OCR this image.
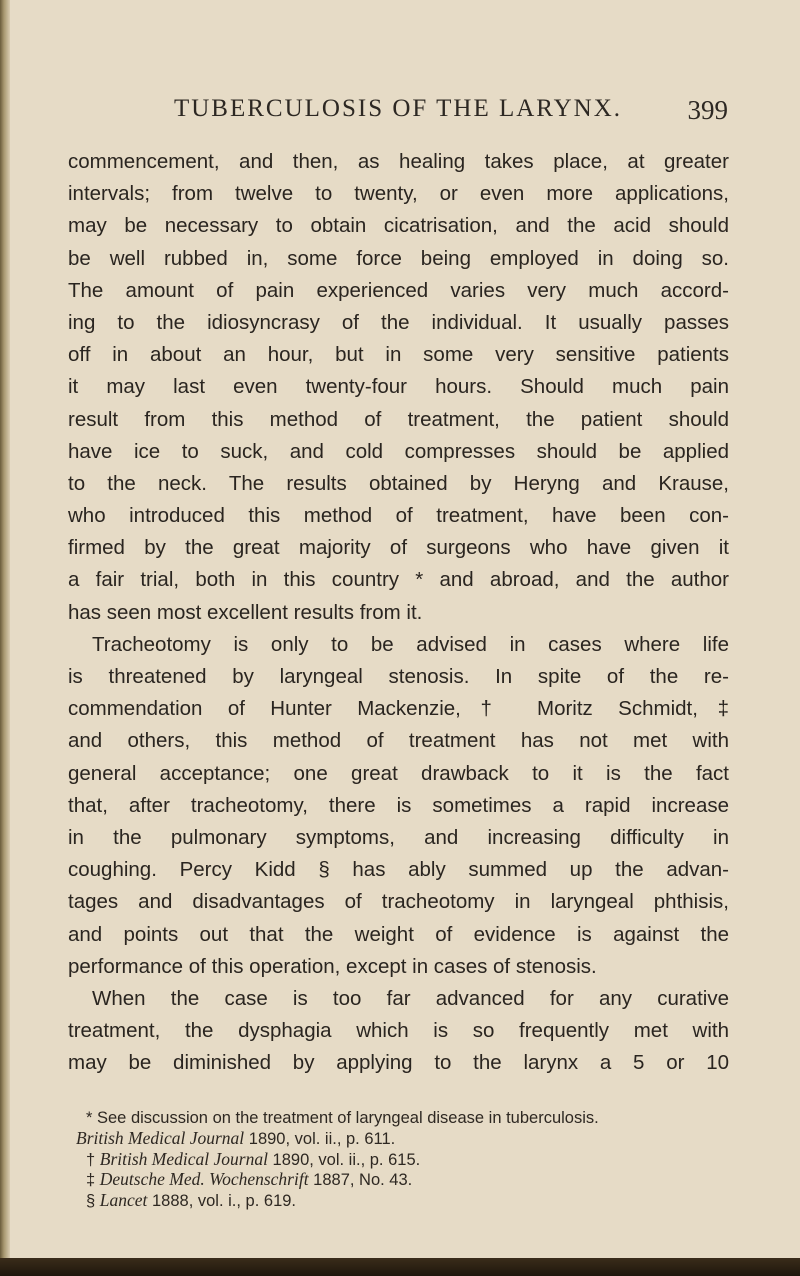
TUBERCULOSIS OF THE LARYNX.	399
commencement, and then, as healing takes place, at greater
intervals; from twelve to twenty, or even more applications,
may be necessary to obtain cicatrisation, and the acid should
be well rubbed in, some force being employed in doing so.
The amount of pain experienced varies very much accord-
ing to the idiosyncrasy of the individual. It usually passes
off in about an hour, but in some very sensitive patients
it may last even twenty-four hours. Should much pain
result from this method of treatment, the patient should
have ice to suck, and cold compresses should be applied
to the neck. The results obtained by Heryng and Krause,
who introduced this method of treatment, have been con-
firmed by the great majority of surgeons who have given it
a fair trial, both in this country * and abroad, and the author
has seen most excellent results from it.
Tracheotomy is only to be advised in cases where life
is threatened by laryngeal stenosis. In spite of the re-
commendation of Hunter Mackenzie,† Moritz Schmidt,‡
and others, this method of treatment has not met with
general acceptance; one great drawback to it is the fact
that, after tracheotomy, there is sometimes a rapid increase
in the pulmonary symptoms, and increasing difficulty in
coughing. Percy Kidd § has ably summed up the advan-
tages and disadvantages of tracheotomy in laryngeal phthisis,
and points out that the weight of evidence is against the
performance of this operation, except in cases of stenosis.
When the case is too far advanced for any curative
treatment, the dysphagia which is so frequently met with
may be diminished by applying to the larynx a 5 or 10
* See discussion on the treatment of laryngeal disease in tuberculosis.
British Medical Journal 1890, vol. ii., p. 611.
† British Medical Journal 1890, vol. ii., p. 615.
‡ Deutsche Med. Wochenschrift 1887, No. 43.
§ Lancet 1888, vol. i., p. 619.
